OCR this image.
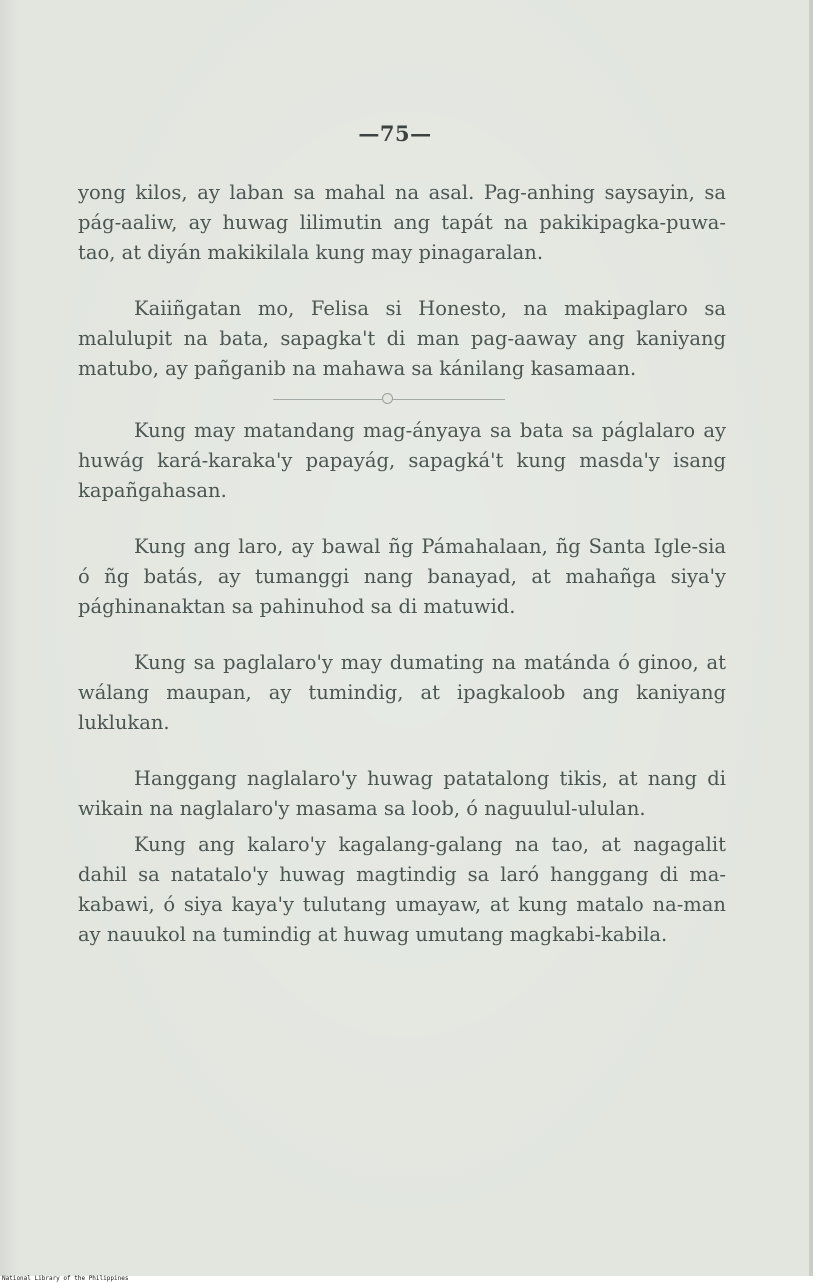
—75—

yong kilos, ay laban sa mahal na asal. Pag-anhing saysayin, sa pág-aaliw, ay huwag lilimutin ang tapát na pakikipagka-puwa-tao, at diyán makikilala kung may pinagaralan.

Kaiiñgatan mo, Felisa si Honesto, na makipaglaro sa malulupit na bata, sapagka't di man pag-aaway ang kaniyang matubo, ay pañganib na mahawa sa kánilang kasamaan.

Kung may matandang mag-ányaya sa bata sa páglalaro ay huwág kará-karaka'y papayág, sapagká't kung masda'y isang kapañgahasan.

Kung ang laro, ay bawal ñg Pámahalaan, ñg Santa Igle-sia ó ñg batás, ay tumanggi nang banayad, at mahañga siya'y pághinanaktan sa pahinuhod sa di matuwid.

Kung sa paglalaro'y may dumating na matánda ó ginoo, at wálang maupan, ay tumindig, at ipagkaloob ang kaniyang luklukan.

Hanggang naglalaro'y huwag patatalong tikis, at nang di wikain na naglalaro'y masama sa loob, ó naguulul-ululan.

Kung ang kalaro'y kagalang-galang na tao, at nagagalit dahil sa natatalo'y huwag magtindig sa laró hanggang di ma-kabawi, ó siya kaya'y tulutang umayaw, at kung matalo na-man ay nauukol na tumindig at huwag umutang magkabi-kabila.

National Library of the Philippines
